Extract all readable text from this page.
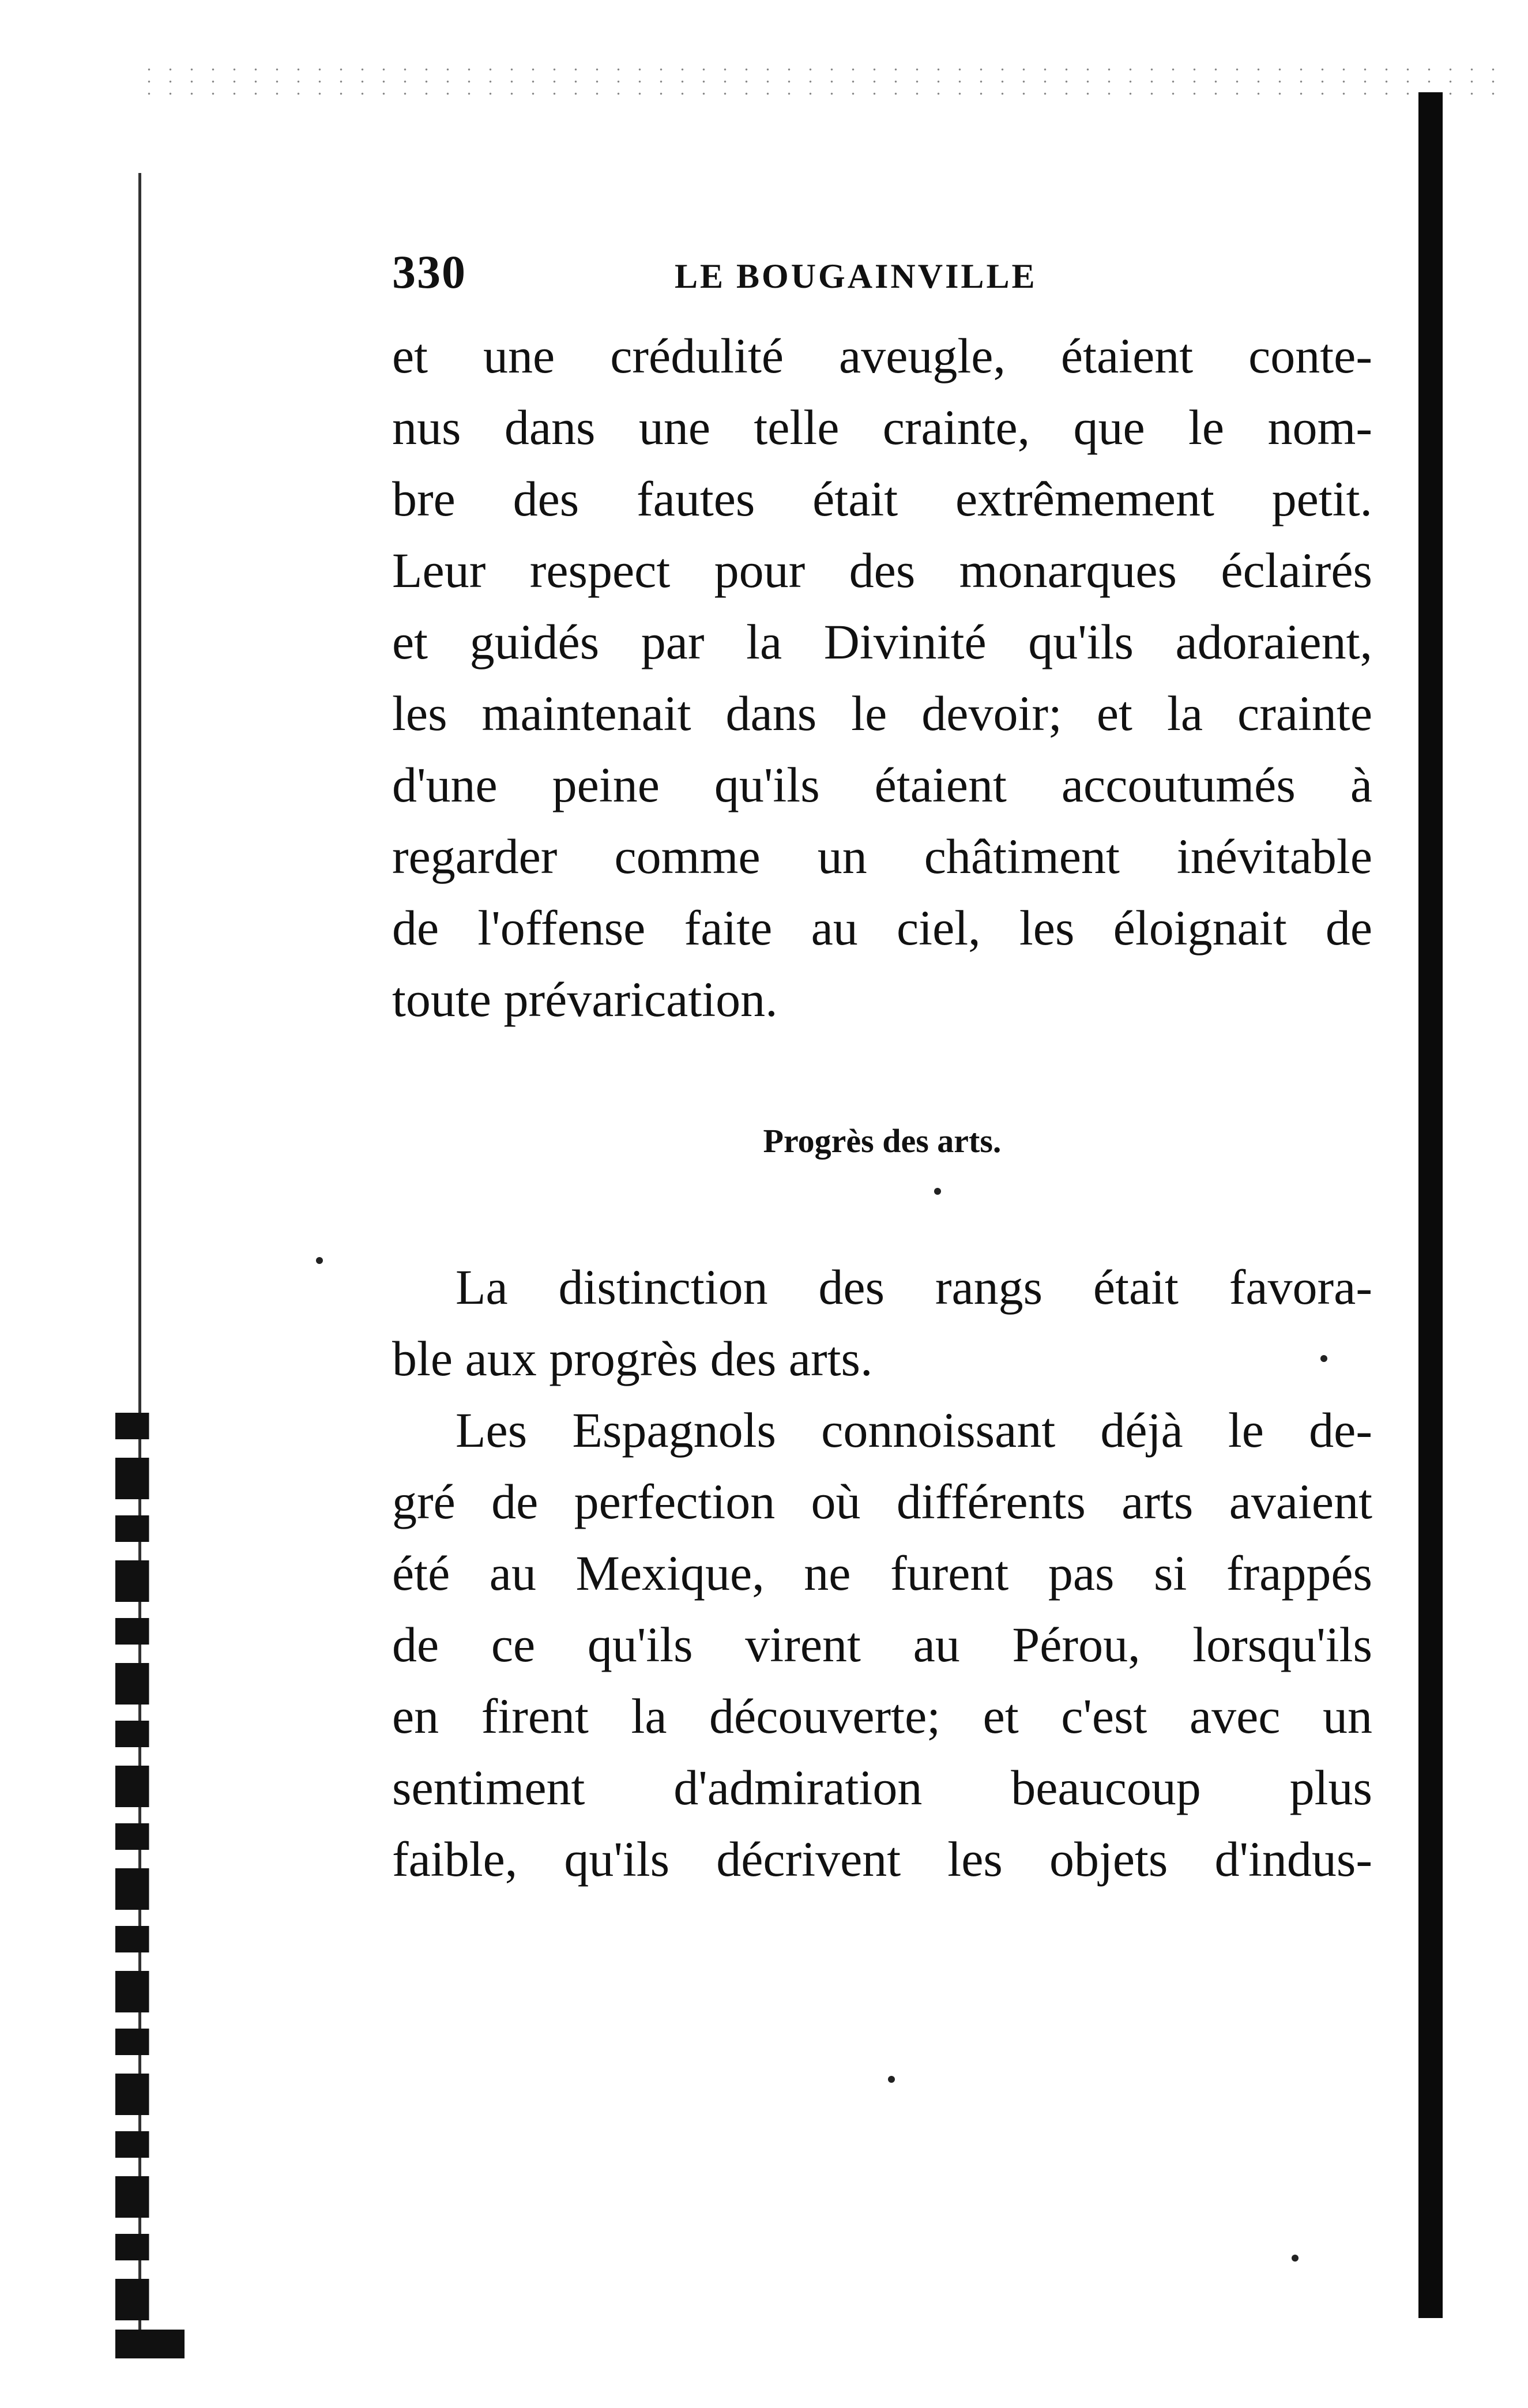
330	LE BOUGAINVILLE
et une crédulité aveugle, étaient conte-
nus dans une telle crainte, que le nom-
bre des fautes était extrêmement petit.
Leur respect pour des monarques éclairés
et guidés par la Divinité qu'ils adoraient,
les maintenait dans le devoir; et la crainte
d'une peine qu'ils étaient accoutumés à
regarder comme un châtiment inévitable
de l'offense faite au ciel, les éloignait de
toute prévarication.
Progrès des arts.
La distinction des rangs était favora-
ble aux progrès des arts.
Les Espagnols connoissant déjà le de-
gré de perfection où différents arts avaient
été au Mexique, ne furent pas si frappés
de ce qu'ils virent au Pérou, lorsqu'ils
en firent la découverte; et c'est avec un
sentiment d'admiration beaucoup plus
faible, qu'ils décrivent les objets d'indus-
